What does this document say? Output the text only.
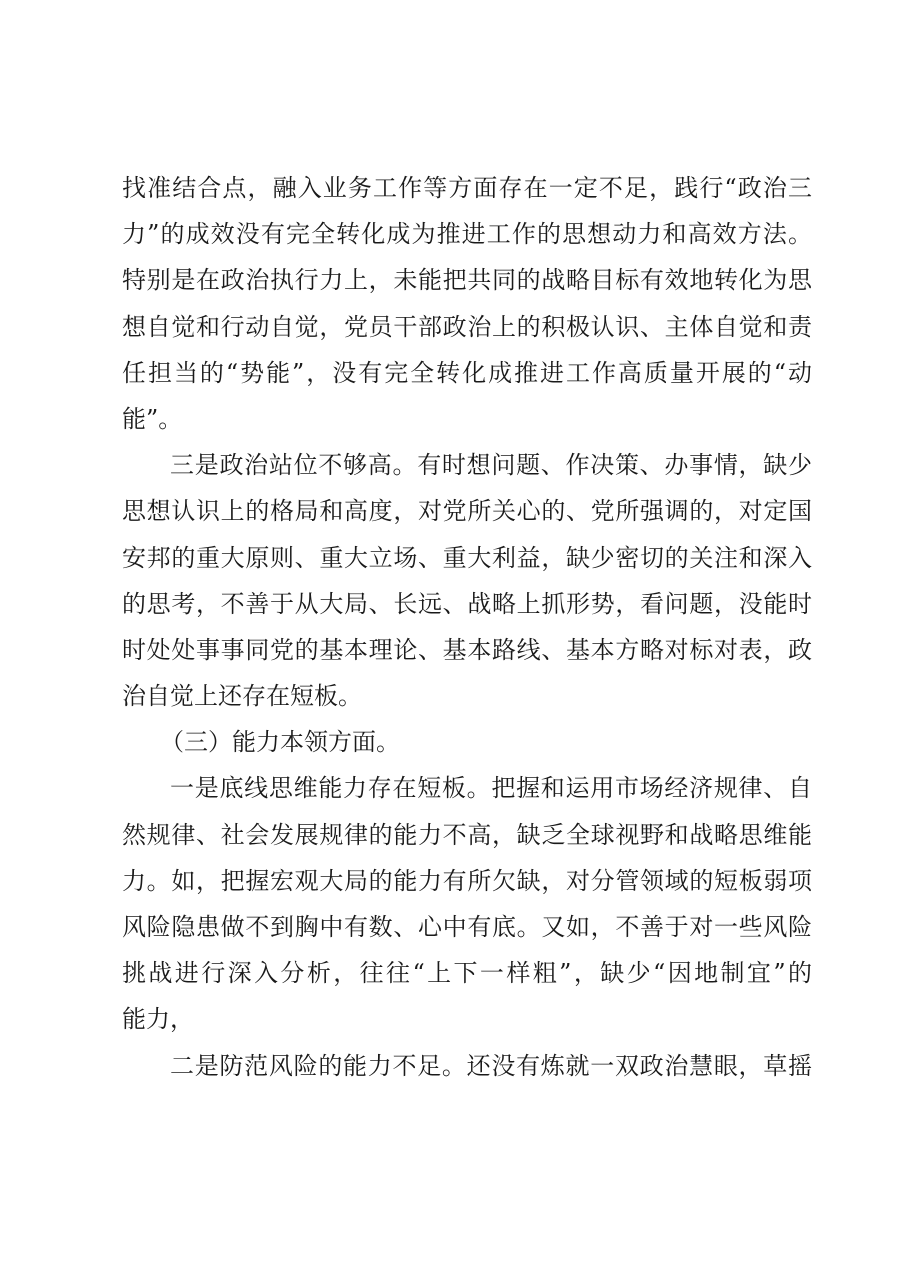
找准结合点，融入业务工作等方面存在一定不足，践行“政治三
力”的成效没有完全转化成为推进工作的思想动力和高效方法。
特别是在政治执行力上，未能把共同的战略目标有效地转化为思
想自觉和行动自觉，党员干部政治上的积极认识、主体自觉和责
任担当的“势能”，没有完全转化成推进工作高质量开展的“动
能”。
三是政治站位不够高。有时想问题、作决策、办事情，缺少
思想认识上的格局和高度，对党所关心的、党所强调的，对定国
安邦的重大原则、重大立场、重大利益，缺少密切的关注和深入
的思考，不善于从大局、长远、战略上抓形势，看问题，没能时
时处处事事同党的基本理论、基本路线、基本方略对标对表，政
治自觉上还存在短板。
（三）能力本领方面。
一是底线思维能力存在短板。把握和运用市场经济规律、自
然规律、社会发展规律的能力不高，缺乏全球视野和战略思维能
力。如，把握宏观大局的能力有所欠缺，对分管领域的短板弱项
风险隐患做不到胸中有数、心中有底。又如，不善于对一些风险
挑战进行深入分析，往往“上下一样粗”，缺少“因地制宜”的
能力，
二是防范风险的能力不足。还没有炼就一双政治慧眼，草摇
